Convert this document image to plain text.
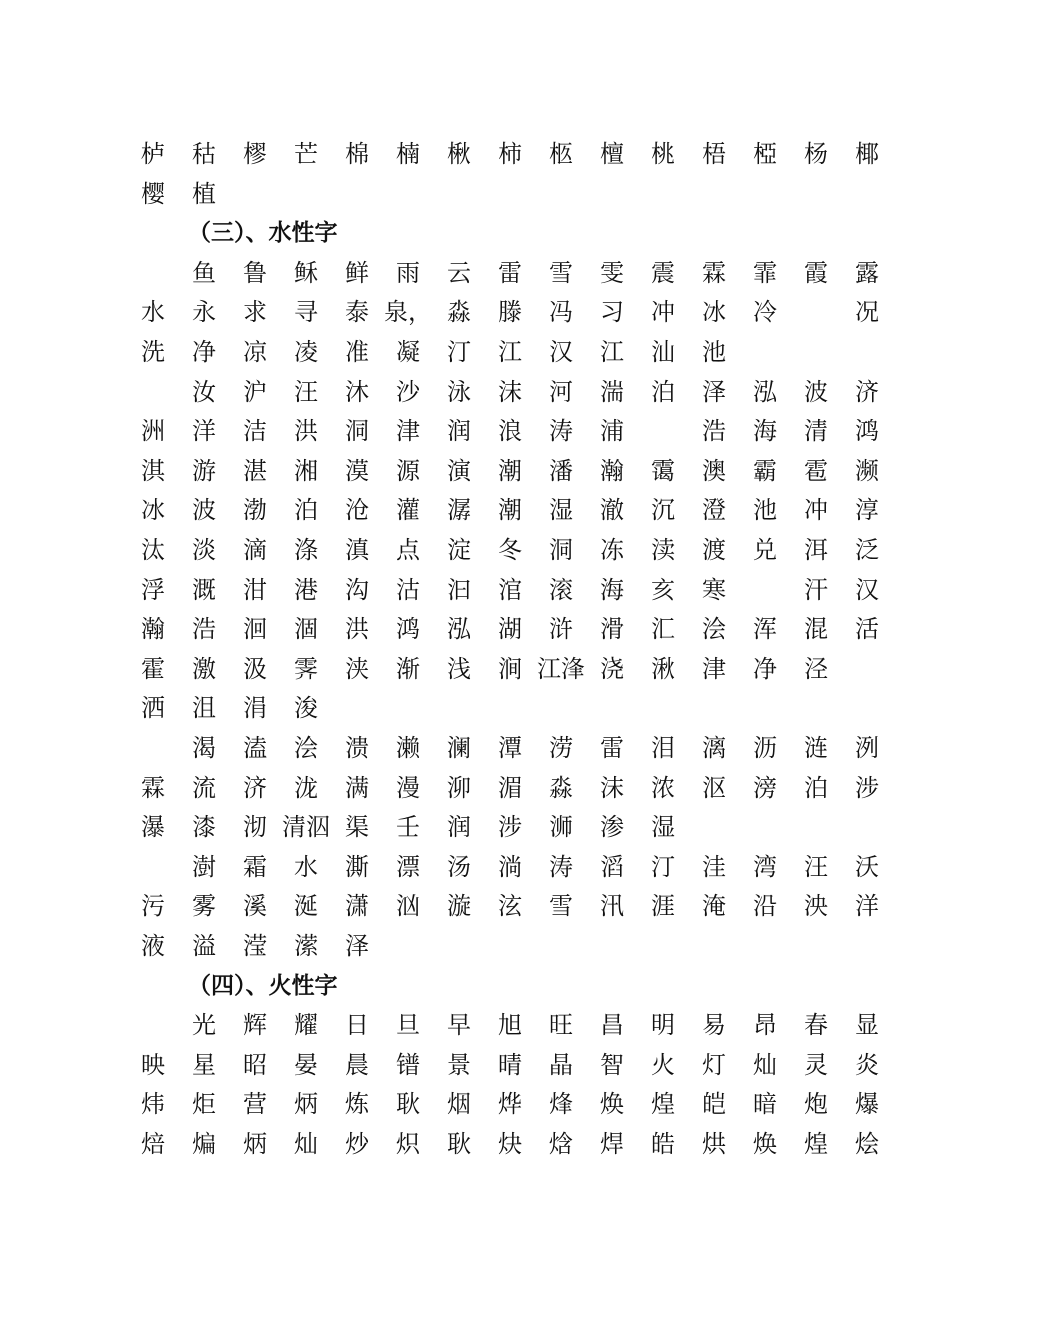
栌 秙 樛 芒 棉 楠 楸 柿 柩 檀 桃 梧 椏 杨 椰
樱 植
（三）、水性字
鱼 鲁 稣 鲜 雨 云 雷 雪 雯 震 霖 霏 霞 露
水 永 求 寻 泰 泉， 淼 滕 冯 习 冲 冰 冷	况
洗 净 凉 凌 准 凝 汀 江 汉 江 汕 池
汝 沪 汪 沐 沙 泳 沫 河 湍 泊 泽 泓 波 济
洲 洋 洁 洪 洞 津 润 浪 涛 浦	浩 海 清 鸿
淇 游 湛 湘 漠 源 演 潮 潘 瀚 霭 澳 霸 雹 濒
冰 波 渤 泊 沧 灌 潺 潮 湿 澈 沉 澄 池 冲 淳
汰 淡 滴 涤 滇 点 淀 冬 洞 冻 渎 渡 兑 洱 泛
浮 溉 泔 港 沟 沽 汩 涫 滚 海 亥 寒	汗 汉
瀚 浩 洄 涸 洪 鸿 泓 湖 浒 滑 汇 浍 浑 混 活
霍 激 汲 霁 浃 渐 浅 涧 江浲 浇 湫 津 净 泾
洒 沮 涓 浚
渴 溘 浍 溃 濑 澜 潭 涝 雷 泪 漓 沥 涟 洌
霖 流 济 泷 满 漫 泖 湄 淼 沫 浓 沤 滂 泊 涉
瀑 漆 沏 清泅 渠 壬 润 涉 浉 渗 湿
澍 霜 水 澌 漂 汤 淌 涛 滔 汀 洼 湾 汪 沃
污 雾 溪 涎 潇 汹 漩 泫 雪 汛 涯 淹 沿 泱 洋
液 溢 滢 潆 泽
（四）、火性字
光 辉 耀 日 旦 早 旭 旺 昌 明 易 昂 春 显
映 星 昭 晏 晨 镨 景 晴 晶 智 火 灯 灿 灵 炎
炜 炬 营 炳 炼 耿 烟 烨 烽 焕 煌 皑 暗 炮 爆
焙 煸 炳 灿 炒 炽 耿 炔 焓 焊 皓 烘 焕 煌 烩
